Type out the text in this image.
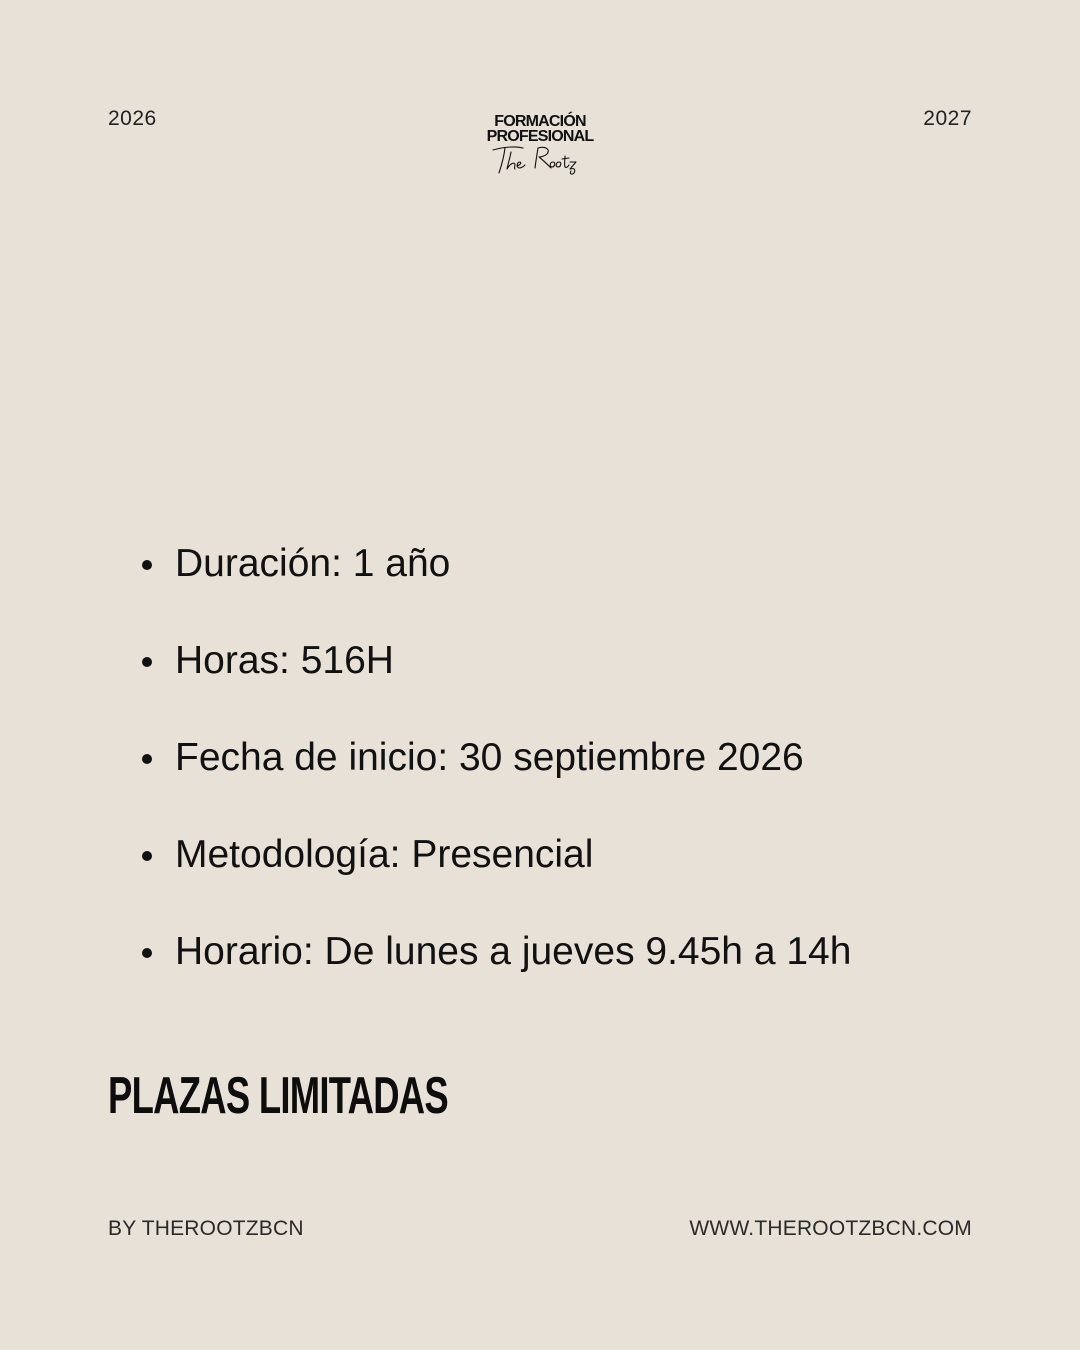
2026	FORMACIÓN
PROFESIONAL
2027
Duración: 1 año
Horas: 516H
Fecha de inicio: 30 septiembre 2026
Metodología: Presencial
Horario: De lunes a jueves 9.45h a 14h
PLAZAS LIMITADAS
BY THEROOTZBCN	WWW.THEROOTZBCN.COM
